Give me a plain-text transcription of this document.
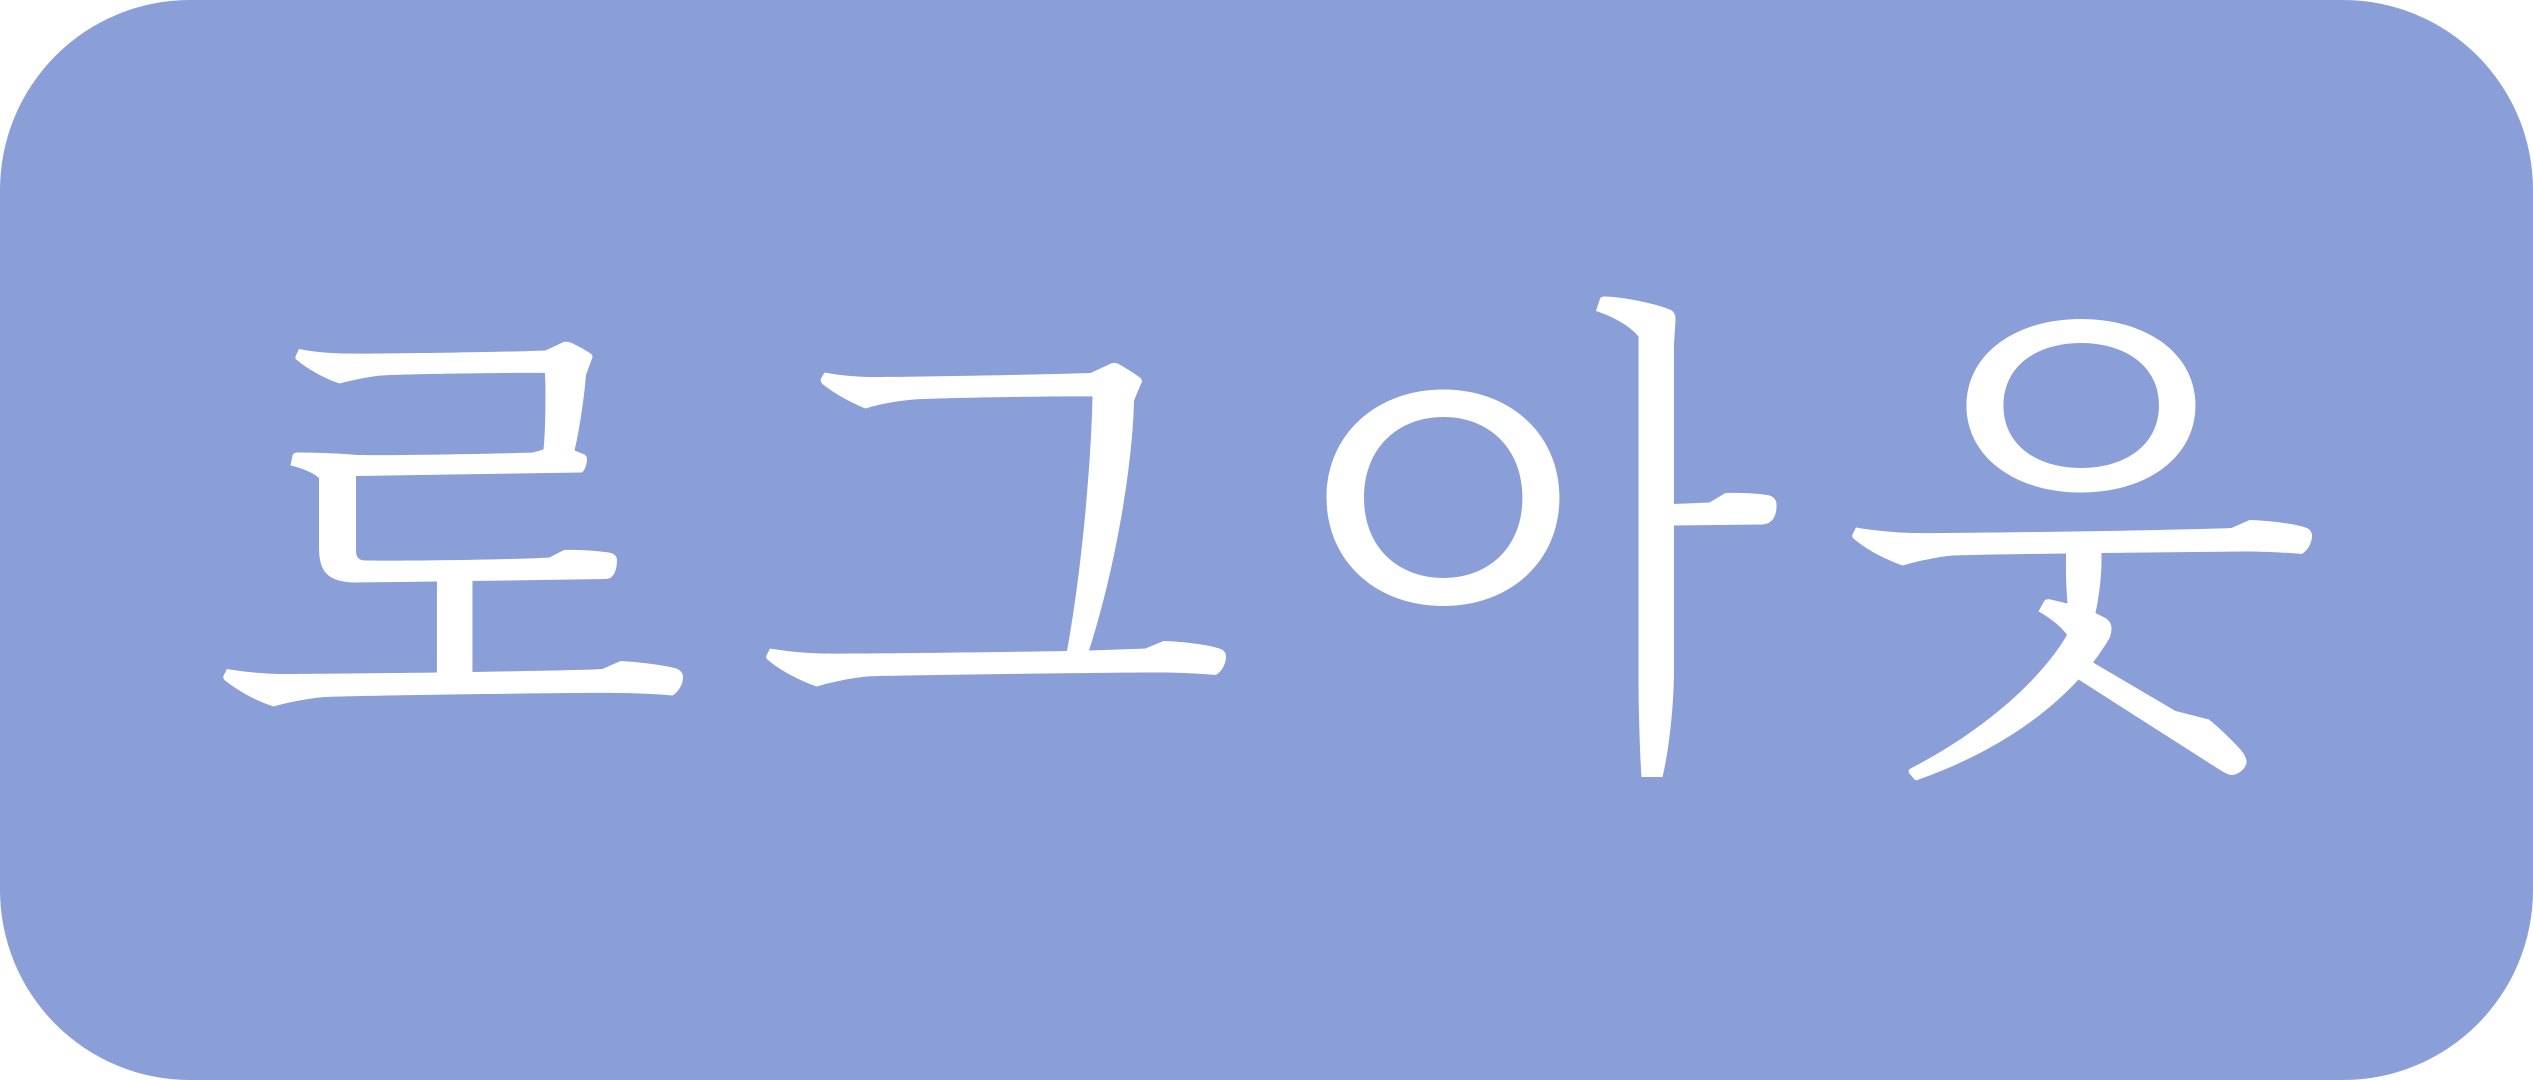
로그아웃
